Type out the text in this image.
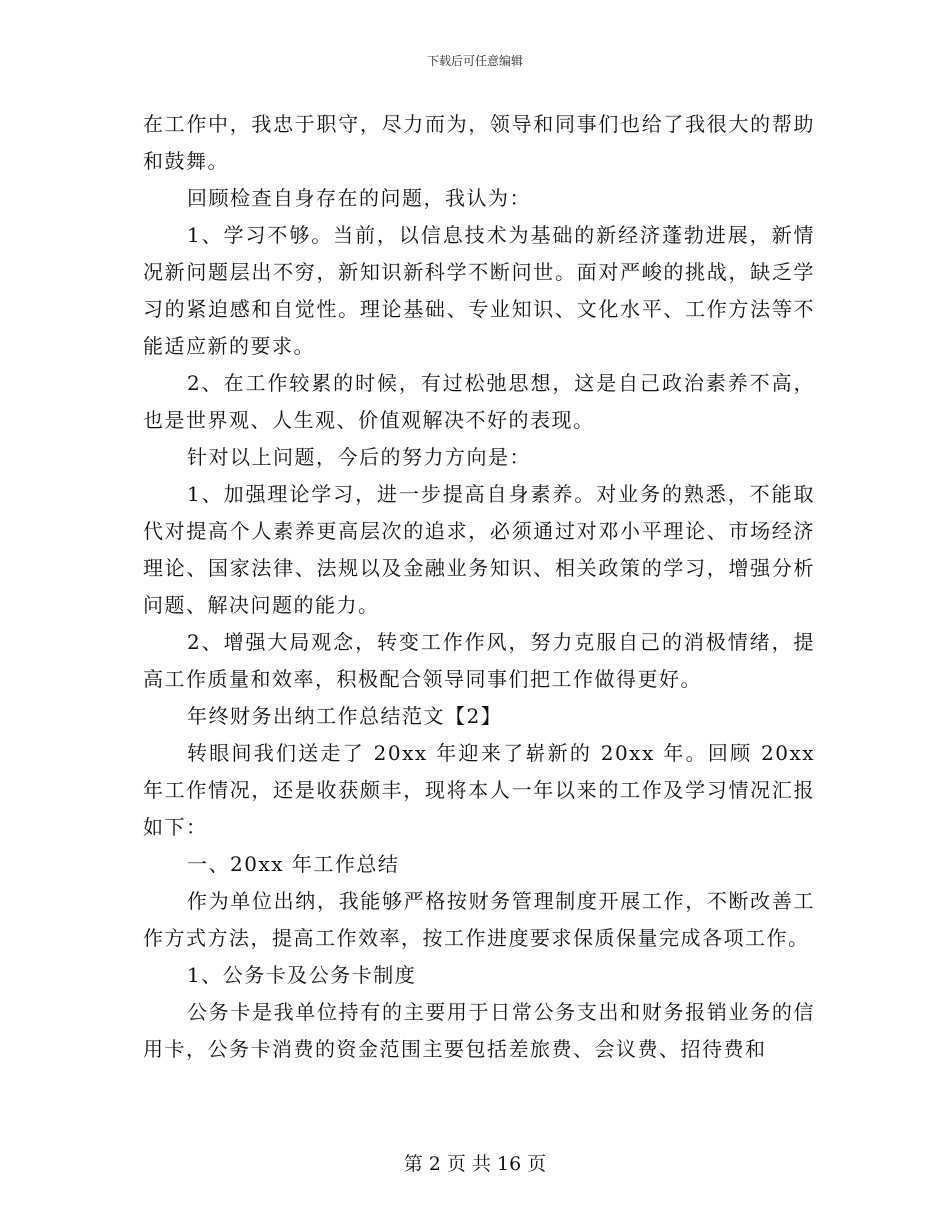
下载后可任意编辑

在工作中，我忠于职守，尽力而为，领导和同事们也给了我很大的帮助和鼓舞。

回顾检查自身存在的问题，我认为：

1、学习不够。当前，以信息技术为基础的新经济蓬勃进展，新情况新问题层出不穷，新知识新科学不断问世。面对严峻的挑战，缺乏学习的紧迫感和自觉性。理论基础、专业知识、文化水平、工作方法等不能适应新的要求。

2、在工作较累的时候，有过松弛思想，这是自己政治素养不高，也是世界观、人生观、价值观解决不好的表现。

针对以上问题，今后的努力方向是：

1、加强理论学习，进一步提高自身素养。对业务的熟悉，不能取代对提高个人素养更高层次的追求，必须通过对邓小平理论、市场经济理论、国家法律、法规以及金融业务知识、相关政策的学习，增强分析问题、解决问题的能力。

2、增强大局观念，转变工作作风，努力克服自己的消极情绪，提高工作质量和效率，积极配合领导同事们把工作做得更好。

年终财务出纳工作总结范文【2】

转眼间我们送走了 20xx 年迎来了崭新的 20xx 年。回顾 20xx 年工作情况，还是收获颇丰，现将本人一年以来的工作及学习情况汇报如下：

一、20xx 年工作总结

作为单位出纳，我能够严格按财务管理制度开展工作，不断改善工作方式方法，提高工作效率，按工作进度要求保质保量完成各项工作。

1、公务卡及公务卡制度

公务卡是我单位持有的主要用于日常公务支出和财务报销业务的信用卡，公务卡消费的资金范围主要包括差旅费、会议费、招待费和

第 2 页 共 16 页
